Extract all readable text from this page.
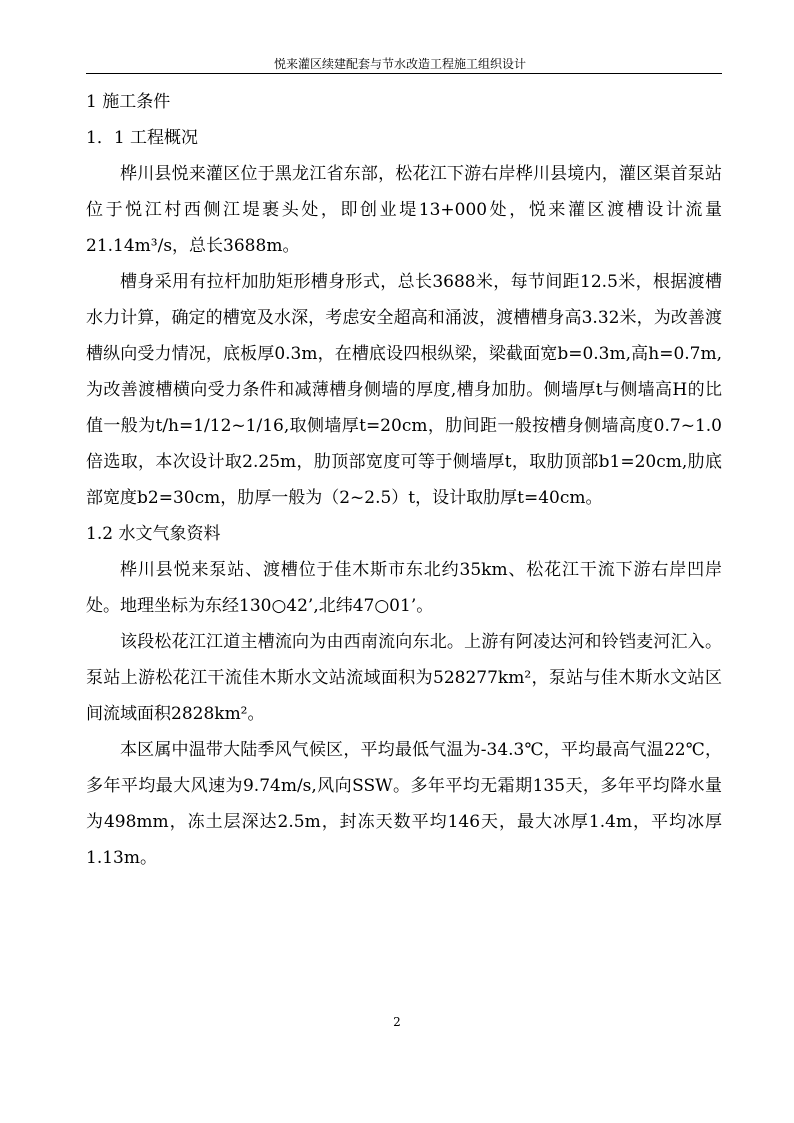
悦来灌区续建配套与节水改造工程施工组织设计

1 施工条件

1．1 工程概况

桦川县悦来灌区位于黑龙江省东部，松花江下游右岸桦川县境内，灌区渠首泵站位于悦江村西侧江堤裹头处，即创业堤13+000处，悦来灌区渡槽设计流量21.14m³/s，总长3688m。

槽身采用有拉杆加肋矩形槽身形式，总长3688米，每节间距12.5米，根据渡槽水力计算，确定的槽宽及水深，考虑安全超高和涌波，渡槽槽身高3.32米，为改善渡槽纵向受力情况，底板厚0.3m，在槽底设四根纵梁，梁截面宽b=0.3m,高h=0.7m,为改善渡槽横向受力条件和减薄槽身侧墙的厚度,槽身加肋。侧墙厚t与侧墙高H的比值一般为t/h=1/12~1/16,取侧墙厚t=20cm，肋间距一般按槽身侧墙高度0.7~1.0倍选取，本次设计取2.25m，肋顶部宽度可等于侧墙厚t，取肋顶部b1=20cm,肋底部宽度b2=30cm，肋厚一般为（2~2.5）t，设计取肋厚t=40cm。

1.2 水文气象资料

桦川县悦来泵站、渡槽位于佳木斯市东北约35km、松花江干流下游右岸凹岸处。地理坐标为东经130○42’,北纬47○01’。

该段松花江江道主槽流向为由西南流向东北。上游有阿凌达河和铃铛麦河汇入。泵站上游松花江干流佳木斯水文站流域面积为528277km²，泵站与佳木斯水文站区间流域面积2828km²。

本区属中温带大陆季风气候区，平均最低气温为-34.3℃，平均最高气温22℃，多年平均最大风速为9.74m/s,风向SSW。多年平均无霜期135天，多年平均降水量为498mm，冻土层深达2.5m，封冻天数平均146天，最大冰厚1.4m，平均冰厚1.13m。

2
